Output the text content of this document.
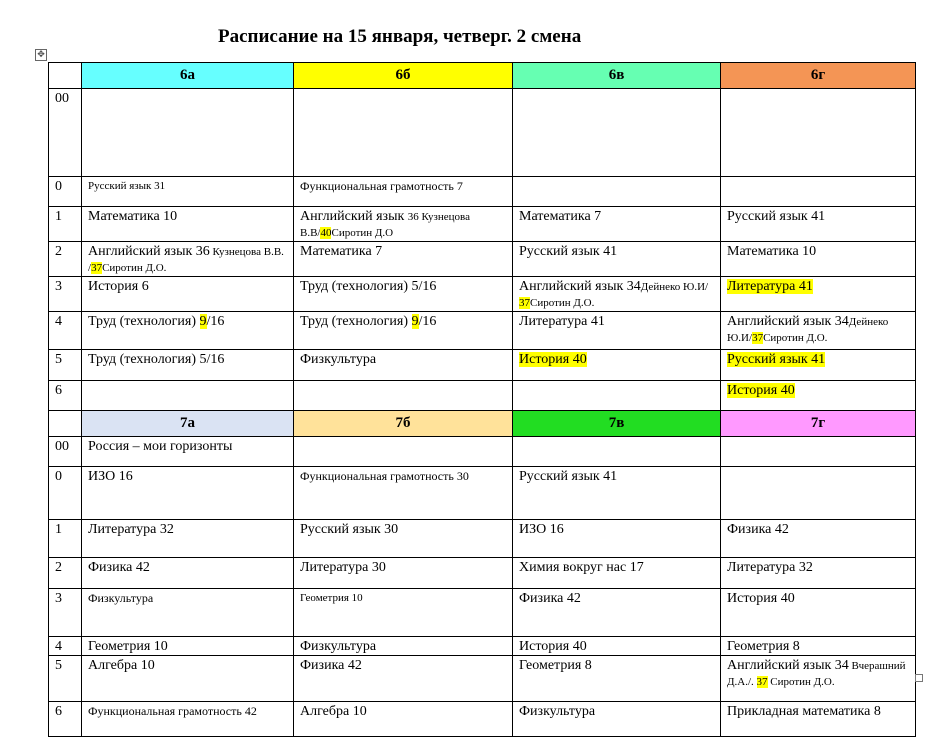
Расписание на 15 января, четверг. 2 смена
✥
	6а	6б	6в	6г
00				
0	Русский язык 31	Функциональная грамотность 7		
1	Математика 10	Английский язык 36 Кузнецова В.В/40Сиротин Д.О	Математика 7	Русский язык 41
2	Английский язык 36 Кузнецова В.В. /37Сиротин Д.О.	Математика 7	Русский язык 41	Математика 10
3	История 6	Труд (технология) 5/16	Английский язык 34Дейнеко Ю.И/ 37Сиротин Д.О.	Литература 41
4	Труд (технология) 9/16	Труд (технология) 9/16	Литература 41	Английский язык 34Дейнеко Ю.И/37Сиротин Д.О.
5	Труд (технология) 5/16	Физкультура	История 40	Русский язык 41
6				История 40
	7а	7б	7в	7г
00	Россия – мои горизонты			
0	ИЗО 16	Функциональная грамотность 30	Русский язык 41	
1	Литература 32	Русский язык 30	ИЗО 16	Физика 42
2	Физика 42	Литература 30	Химия вокруг нас 17	Литература 32
3	Физкультура	Геометрия 10	Физика 42	История 40
4	Геометрия 10	Физкультура	История 40	Геометрия 8
5	Алгебра 10	Физика 42	Геометрия 8	Английский язык 34 Вчерашний Д.А./. 37 Сиротин Д.О.
6	Функциональная грамотность 42	Алгебра 10	Физкультура	Прикладная математика 8
